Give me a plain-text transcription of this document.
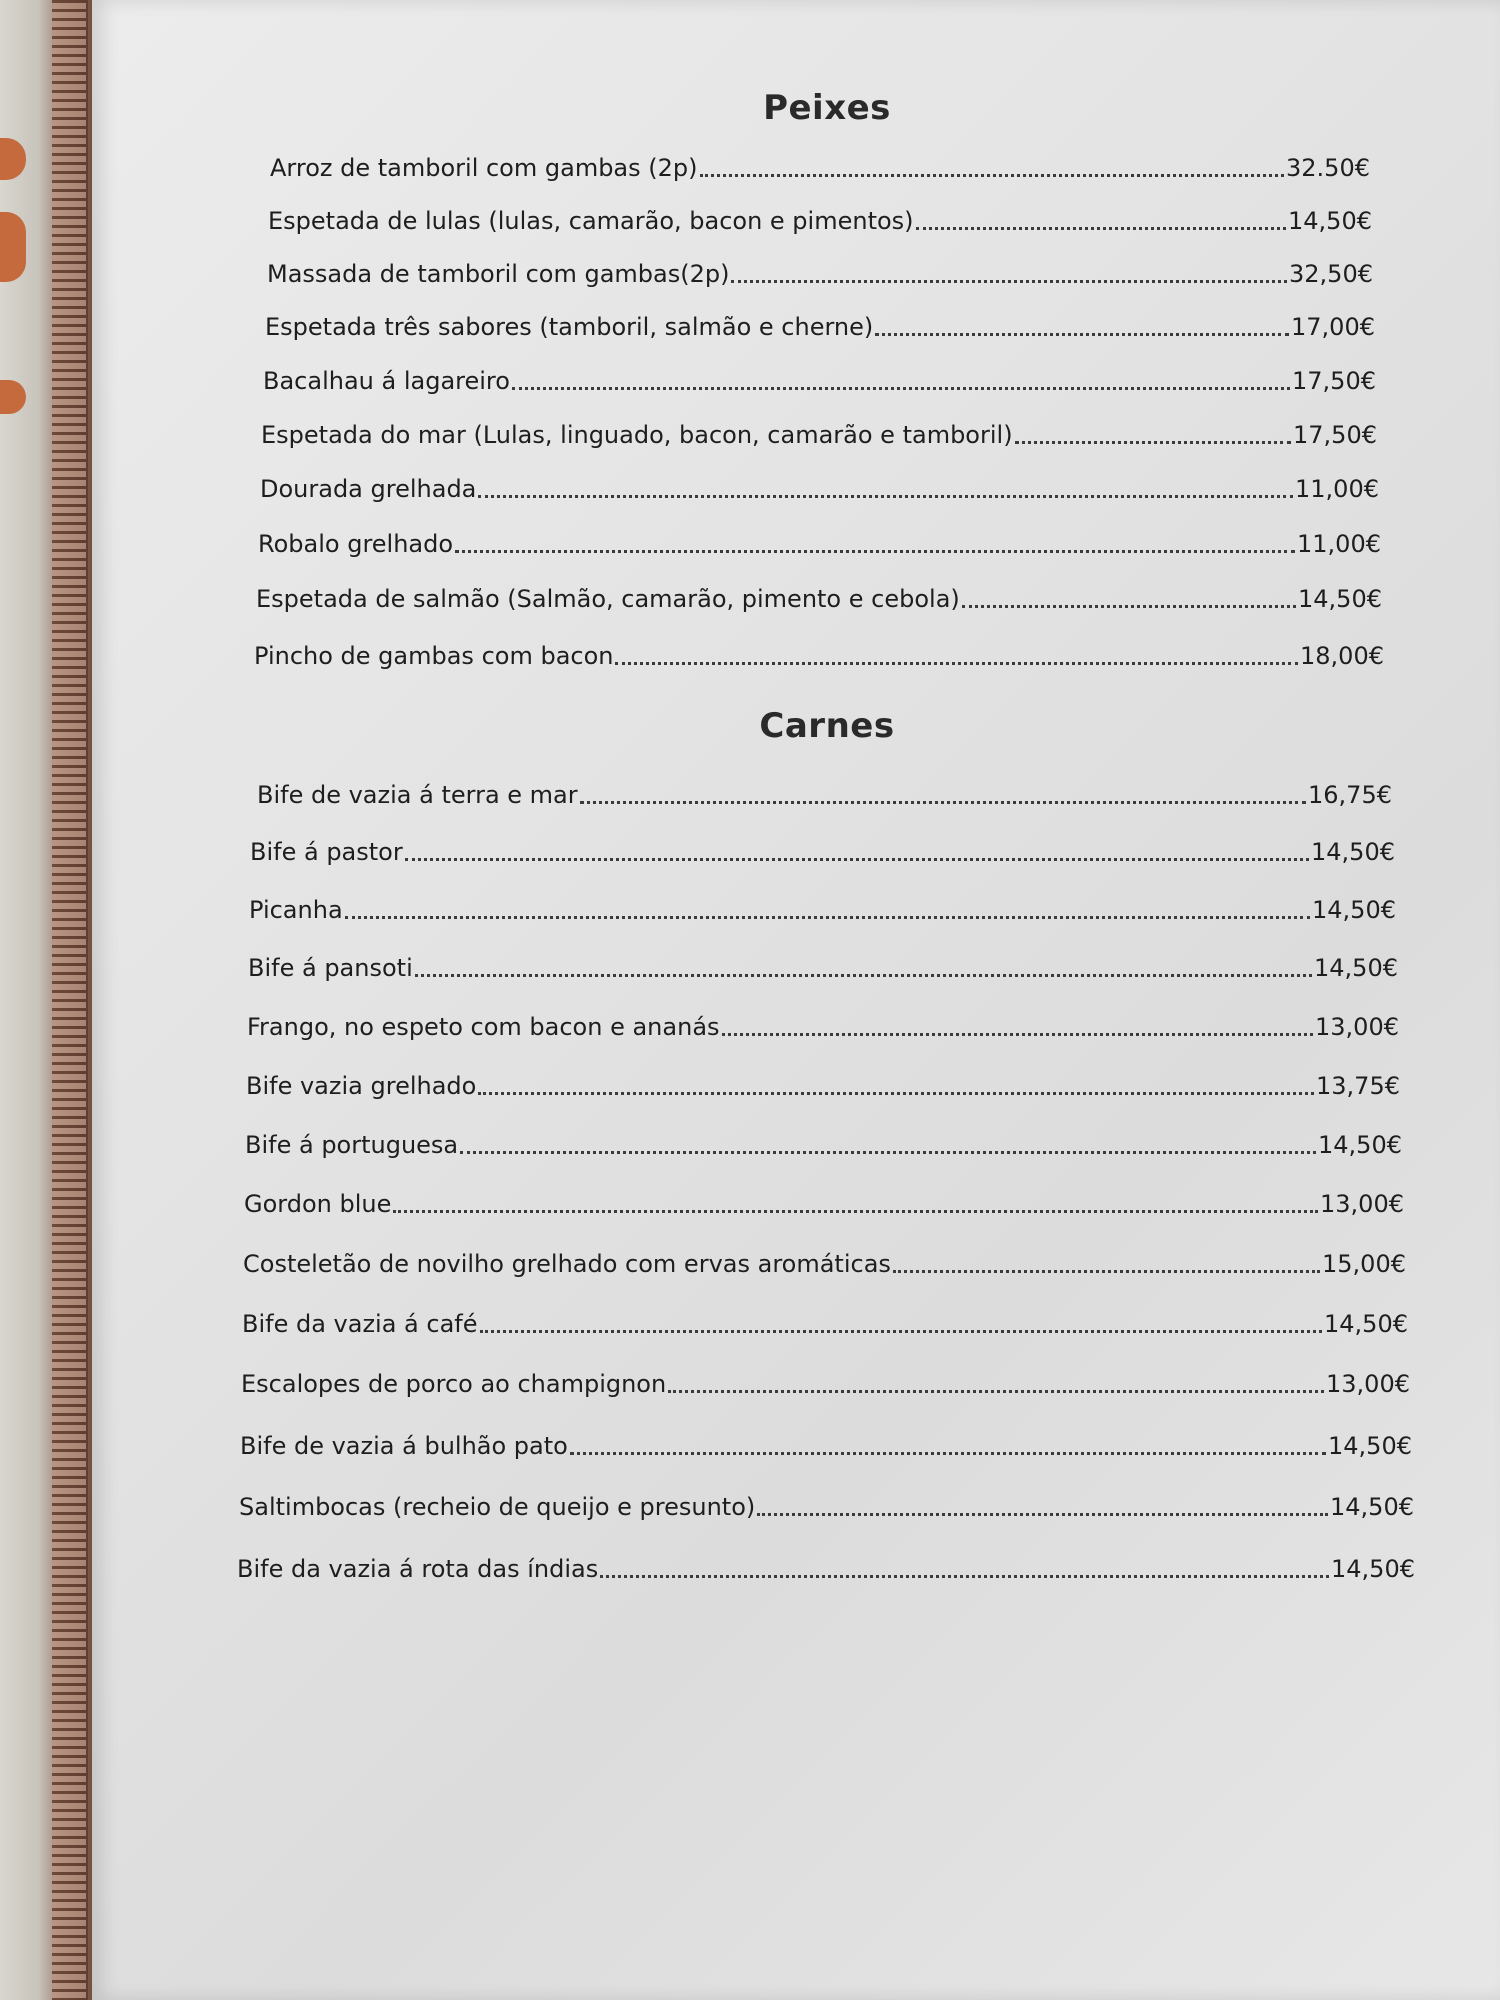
Peixes
Arroz de tamboril com gambas (2p)	32.50€
Espetada de lulas (lulas, camarão, bacon e pimentos)	14,50€
Massada de tamboril com gambas(2p)	32,50€
Espetada três sabores (tamboril, salmão e cherne)	17,00€
Bacalhau á lagareiro	17,50€
Espetada do mar (Lulas, linguado, bacon, camarão e tamboril)	17,50€
Dourada grelhada	11,00€
Robalo grelhado	11,00€
Espetada de salmão (Salmão, camarão, pimento e cebola)	14,50€
Pincho de gambas com bacon	18,00€
Carnes
Bife de vazia á terra e mar	16,75€
Bife á pastor	14,50€
Picanha	14,50€
Bife á pansoti	14,50€
Frango, no espeto com bacon e ananás	13,00€
Bife vazia grelhado	13,75€
Bife á portuguesa	14,50€
Gordon blue	13,00€
Costeletão de novilho grelhado com ervas aromáticas	15,00€
Bife da vazia á café	14,50€
Escalopes de porco ao champignon	13,00€
Bife de vazia á bulhão pato	14,50€
Saltimbocas (recheio de queijo e presunto)	14,50€
Bife da vazia á rota das índias	14,50€
